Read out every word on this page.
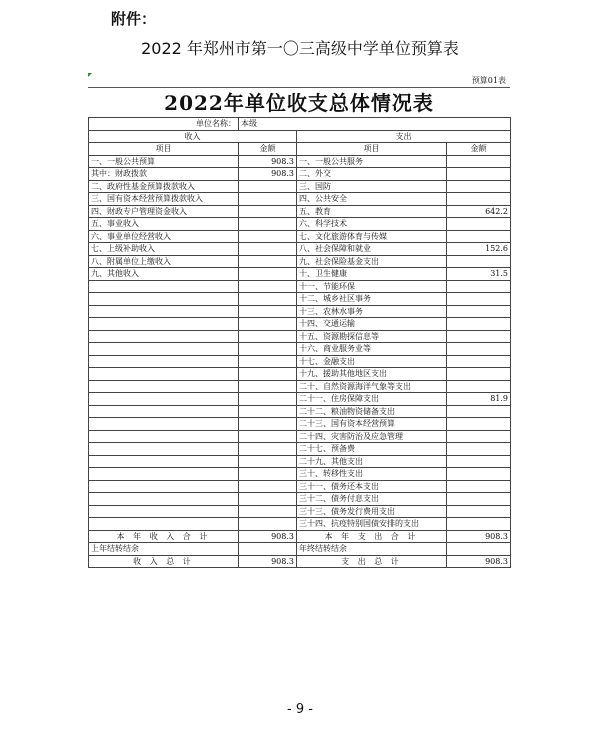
附件：
2022 年郑州市第一〇三高级中学单位预算表
预算01表
2022年单位收支总体情况表
单位名称：	本级		
收入		支出	
项目	金额	项目	金额
一、一般公共预算	908.3	一、一般公共服务	
其中：财政拨款	908.3	二、外交	
二、政府性基金预算拨款收入		三、国防	
三、国有资本经营预算拨款收入		四、公共安全	
四、财政专户管理资金收入		五、教育	642.2
五、事业收入		六、科学技术	
六、事业单位经营收入		七、文化旅游体育与传媒	
七、上级补助收入		八、社会保障和就业	152.6
八、附属单位上缴收入		九、社会保险基金支出	
九、其他收入		十、卫生健康	31.5
		十一、节能环保	
		十二、城乡社区事务	
		十三、农林水事务	
		十四、交通运输	
		十五、资源勘探信息等	
		十六、商业服务业等	
		十七、金融支出	
		十九、援助其他地区支出	
		二十、自然资源海洋气象等支出	
		二十一、住房保障支出	81.9
		二十二、粮油物资储备支出	
		二十三、国有资本经营预算	
		二十四、灾害防治及应急管理	
		二十七、预备费	
		二十九、其他支出	
		三十、转移性支出	
		三十一、债务还本支出	
		三十二、债务付息支出	
		三十三、债务发行费用支出	
		三十四、抗疫特别国债安排的支出	
本 年 收 入 合 计	908.3	本 年 支 出 合 计	908.3
上年结转结余		年终结转结余	
收 入 总 计	908.3	支 出 总 计	908.3
- 9 -
